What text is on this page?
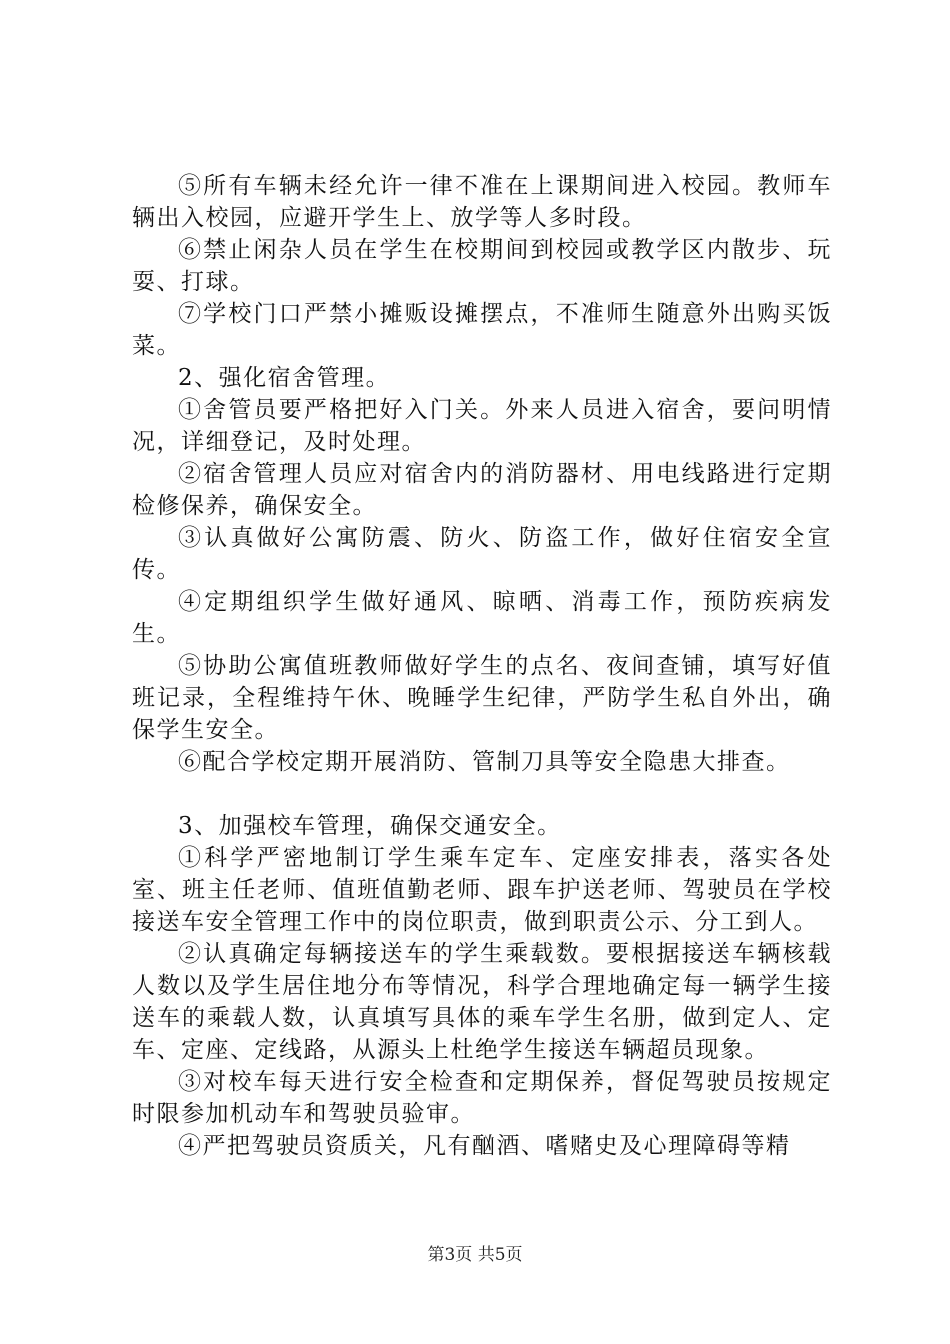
⑤所有车辆未经允许一律不准在上课期间进入校园。教师车辆出入校园，应避开学生上、放学等人多时段。

⑥禁止闲杂人员在学生在校期间到校园或教学区内散步、玩耍、打球。

⑦学校门口严禁小摊贩设摊摆点，不准师生随意外出购买饭菜。

2、强化宿舍管理。

①舍管员要严格把好入门关。外来人员进入宿舍，要问明情况，详细登记，及时处理。

②宿舍管理人员应对宿舍内的消防器材、用电线路进行定期检修保养，确保安全。

③认真做好公寓防震、防火、防盗工作，做好住宿安全宣传。

④定期组织学生做好通风、晾晒、消毒工作，预防疾病发生。

⑤协助公寓值班教师做好学生的点名、夜间查铺，填写好值班记录，全程维持午休、晚睡学生纪律，严防学生私自外出，确保学生安全。

⑥配合学校定期开展消防、管制刀具等安全隐患大排查。

3、加强校车管理，确保交通安全。

①科学严密地制订学生乘车定车、定座安排表，落实各处室、班主任老师、值班值勤老师、跟车护送老师、驾驶员在学校接送车安全管理工作中的岗位职责，做到职责公示、分工到人。

②认真确定每辆接送车的学生乘载数。要根据接送车辆核载人数以及学生居住地分布等情况，科学合理地确定每一辆学生接送车的乘载人数，认真填写具体的乘车学生名册，做到定人、定车、定座、定线路，从源头上杜绝学生接送车辆超员现象。

③对校车每天进行安全检查和定期保养，督促驾驶员按规定时限参加机动车和驾驶员验审。

④严把驾驶员资质关，凡有酗酒、嗜赌史及心理障碍等精

第3页 共5页
